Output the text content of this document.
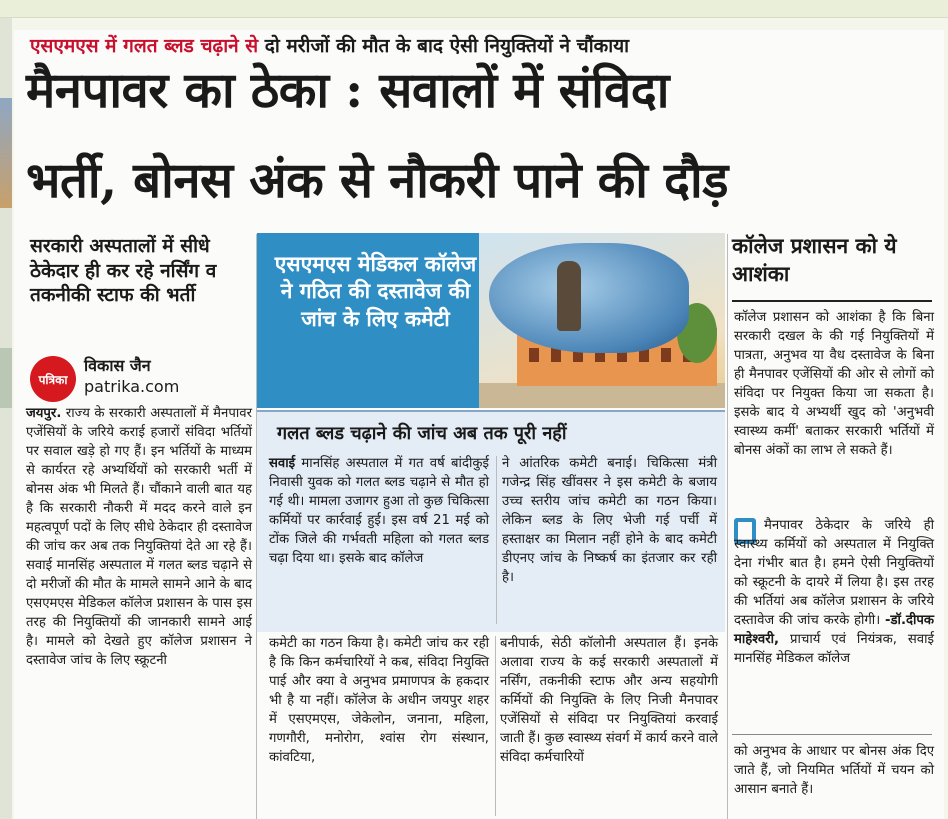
एसएमएस में गलत ब्लड चढ़ाने से दो मरीजों की मौत के बाद ऐसी नियुक्तियों ने चौंकाया
मैनपावर का ठेका : सवालों में संविदा
भर्ती, बोनस अंक से नौकरी पाने की दौड़
सरकारी अस्पतालों में सीधे ठेकेदार ही कर रहे नर्सिंग व तकनीकी स्टाफ की भर्ती
पत्रिका
विकास जैन
patrika.com
जयपुर. राज्य के सरकारी अस्पतालों में मैनपावर एजेंसियों के जरिये कराई हजारों संविदा भर्तियों पर सवाल खड़े हो गए हैं। इन भर्तियों के माध्यम से कार्यरत रहे अभ्यर्थियों को सरकारी भर्ती में बोनस अंक भी मिलते हैं। चौंकाने वाली बात यह है कि सरकारी नौकरी में मदद करने वाले इन महत्वपूर्ण पदों के लिए सीधे ठेकेदार ही दस्तावेज की जांच कर अब तक नियुक्तियां देते आ रहे हैं। सवाई मानसिंह अस्पताल में गलत ब्लड चढ़ाने से दो मरीजों की मौत के मामले सामने आने के बाद एसएमएस मेडिकल कॉलेज प्रशासन के पास इस तरह की नियुक्तियों की जानकारी सामने आई है। मामले को देखते हुए कॉलेज प्रशासन ने दस्तावेज जांच के लिए स्क्रूटनी
एसएमएस मेडिकल कॉलेज ने गठित की दस्तावेज की जांच के लिए कमेटी
गलत ब्लड चढ़ाने की जांच अब तक पूरी नहीं
सवाई मानसिंह अस्पताल में गत वर्ष बांदीकुई निवासी युवक को गलत ब्लड चढ़ाने से मौत हो गई थी। मामला उजागर हुआ तो कुछ चिकित्सा कर्मियों पर कार्रवाई हुई। इस वर्ष 21 मई को टोंक जिले की गर्भवती महिला को गलत ब्लड चढ़ा दिया था। इसके बाद कॉलेज
ने आंतरिक कमेटी बनाई। चिकित्सा मंत्री गजेन्द्र सिंह खींवसर ने इस कमेटी के बजाय उच्च स्तरीय जांच कमेटी का गठन किया। लेकिन ब्लड के लिए भेजी गई पर्ची में हस्ताक्षर का मिलान नहीं होने के बाद कमेटी डीएनए जांच के निष्कर्ष का इंतजार कर रही है।
कमेटी का गठन किया है। कमेटी जांच कर रही है कि किन कर्मचारियों ने कब, संविदा नियुक्ति पाई और क्या वे अनुभव प्रमाणपत्र के हकदार भी है या नहीं। कॉलेज के अधीन जयपुर शहर में एसएमएस, जेकेलोन, जनाना, महिला, गणगौरी, मनोरोग, श्वांस रोग संस्थान, कांवटिया,
बनीपार्क, सेठी कॉलोनी अस्पताल हैं। इनके अलावा राज्य के कई सरकारी अस्पतालों में नर्सिंग, तकनीकी स्टाफ और अन्य सहयोगी कर्मियों की नियुक्ति के लिए निजी मैनपावर एजेंसियों से संविदा पर नियुक्तियां करवाई जाती हैं। कुछ स्वास्थ्य संवर्ग में कार्य करने वाले संविदा कर्मचारियों
कॉलेज प्रशासन को ये आशंका
कॉलेज प्रशासन को आशंका है कि बिना सरकारी दखल के की गई नियुक्तियों में पात्रता, अनुभव या वैध दस्तावेज के बिना ही मैनपावर एजेंसियों की ओर से लोगों को संविदा पर नियुक्त किया जा सकता है। इसके बाद ये अभ्यर्थी खुद को 'अनुभवी स्वास्थ्य कर्मी' बताकर सरकारी भर्तियों में बोनस अंकों का लाभ ले सकते हैं।
मैनपावर ठेकेदार के जरिये ही स्वास्थ्य कर्मियों को अस्पताल में नियुक्ति देना गंभीर बात है। हमने ऐसी नियुक्तियों को स्क्रूटनी के दायरे में लिया है। इस तरह की भर्तियां अब कॉलेज प्रशासन के जरिये दस्तावेज की जांच करके होगी। -डॉ.दीपक माहेश्वरी, प्राचार्य एवं नियंत्रक, सवाई मानसिंह मेडिकल कॉलेज
को अनुभव के आधार पर बोनस अंक दिए जाते हैं, जो नियमित भर्तियों में चयन को आसान बनाते हैं।
